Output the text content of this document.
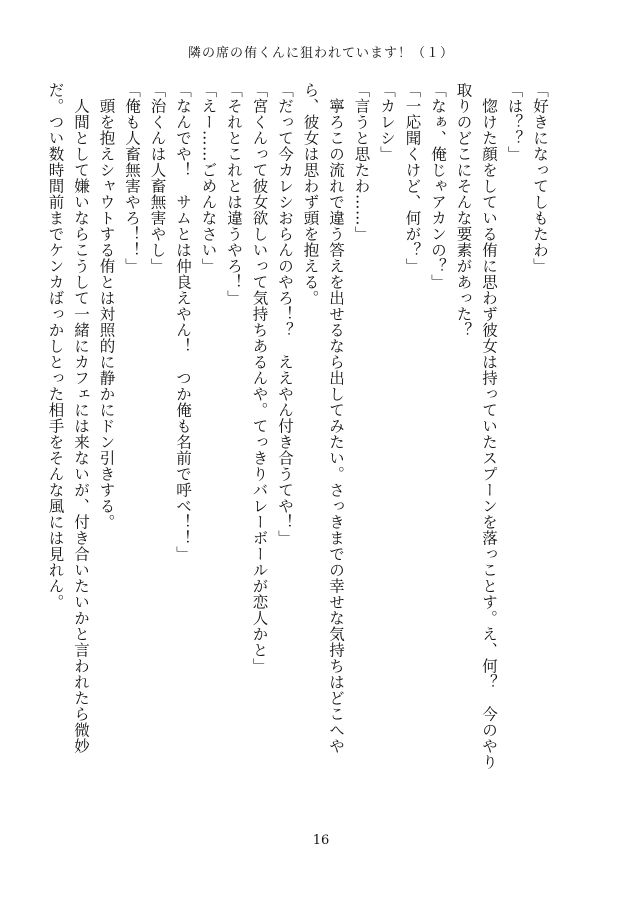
隣の席の侑くんに狙われています！（１）

「好きになってしもたわ」

「は？？」

　惚けた顔をしている侑に思わず彼女は持っていたスプーンを落っことす。え、何？　今のやり取りのどこにそんな要素があった？

「なぁ、俺じゃアカンの？」

「一応聞くけど、何が？」

「カレシ」

「言うと思たわ……」

　寧ろこの流れで違う答えを出せるなら出してみたい。さっきまでの幸せな気持ちはどこへやら、彼女は思わず頭を抱える。

「だって今カレシおらんのやろ！？　ええやん付き合うてや！」

「宮くんって彼女欲しいって気持ちあるんや。てっきりバレーボールが恋人かと」

「それとこれとは違うやろ！」

「えー……ごめんなさい」

「なんでや！　サムとは仲良えやん！　つか俺も名前で呼べ！！」

「治くんは人畜無害やし」

「俺も人畜無害やろ！！」

　頭を抱えシャウトする侑とは対照的に静かにドン引きする。

　人間として嫌いならこうして一緒にカフェには来ないが、付き合いたいかと言われたら微妙だ。つい数時間前までケンカばっかしとった相手をそんな風には見れん。

16
